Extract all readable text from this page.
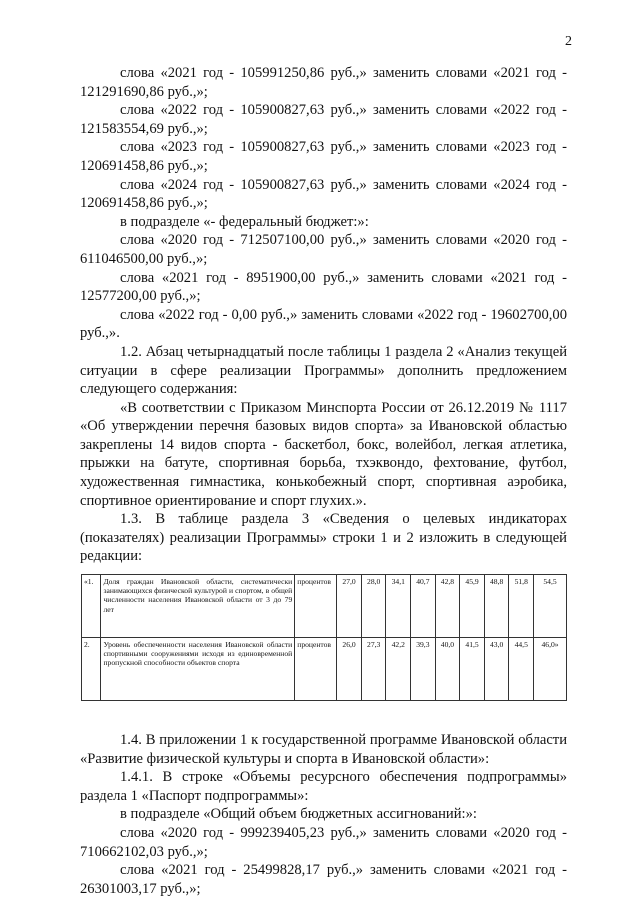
2

слова «2021 год - 105991250,86 руб.,» заменить словами «2021 год - 121291690,86 руб.,»;

слова «2022 год - 105900827,63 руб.,» заменить словами «2022 год - 121583554,69 руб.,»;

слова «2023 год - 105900827,63 руб.,» заменить словами «2023 год - 120691458,86 руб.,»;

слова «2024 год - 105900827,63 руб.,» заменить словами «2024 год - 120691458,86 руб.,»;

в подразделе «- федеральный бюджет:»:

слова «2020 год - 712507100,00 руб.,» заменить словами «2020 год - 611046500,00 руб.,»;

слова «2021 год - 8951900,00 руб.,» заменить словами «2021 год - 12577200,00 руб.,»;

слова «2022 год - 0,00 руб.,» заменить словами «2022 год - 19602700,00 руб.,».

1.2. Абзац четырнадцатый после таблицы 1 раздела 2 «Анализ текущей ситуации в сфере реализации Программы» дополнить предложением следующего содержания:

«В соответствии с Приказом Минспорта России от 26.12.2019 № 1117 «Об утверждении перечня базовых видов спорта» за Ивановской областью закреплены 14 видов спорта - баскетбол, бокс, волейбол, легкая атлетика, прыжки на батуте, спортивная борьба, тхэквондо, фехтование, футбол, художественная гимнастика, конькобежный спорт, спортивная аэробика, спортивное ориентирование и спорт глухих.».

1.3. В таблице раздела 3 «Сведения о целевых индикаторах (показателях) реализации Программы» строки 1 и 2 изложить в следующей редакции:

«1.	Доля граждан Ивановской области, систематически занимающихся физической культурой и спортом, в общей численности населения Ивановской области от 3 до 79 лет	процентов	27,0	28,0	34,1	40,7	42,8	45,9	48,8	51,8	54,5
2.	Уровень обеспеченности населения Ивановской области спортивными сооружениями исходя из единовременной пропускной способности объектов спорта	процентов	26,0	27,3	42,2	39,3	40,0	41,5	43,0	44,5	46,0»

1.4. В приложении 1 к государственной программе Ивановской области «Развитие физической культуры и спорта в Ивановской области»:

1.4.1. В строке «Объемы ресурсного обеспечения подпрограммы» раздела 1 «Паспорт подпрограммы»:

в подразделе «Общий объем бюджетных ассигнований:»:

слова «2020 год - 999239405,23 руб.,» заменить словами «2020 год - 710662102,03 руб.,»;

слова «2021 год - 25499828,17 руб.,» заменить словами «2021 год - 26301003,17 руб.,»;
